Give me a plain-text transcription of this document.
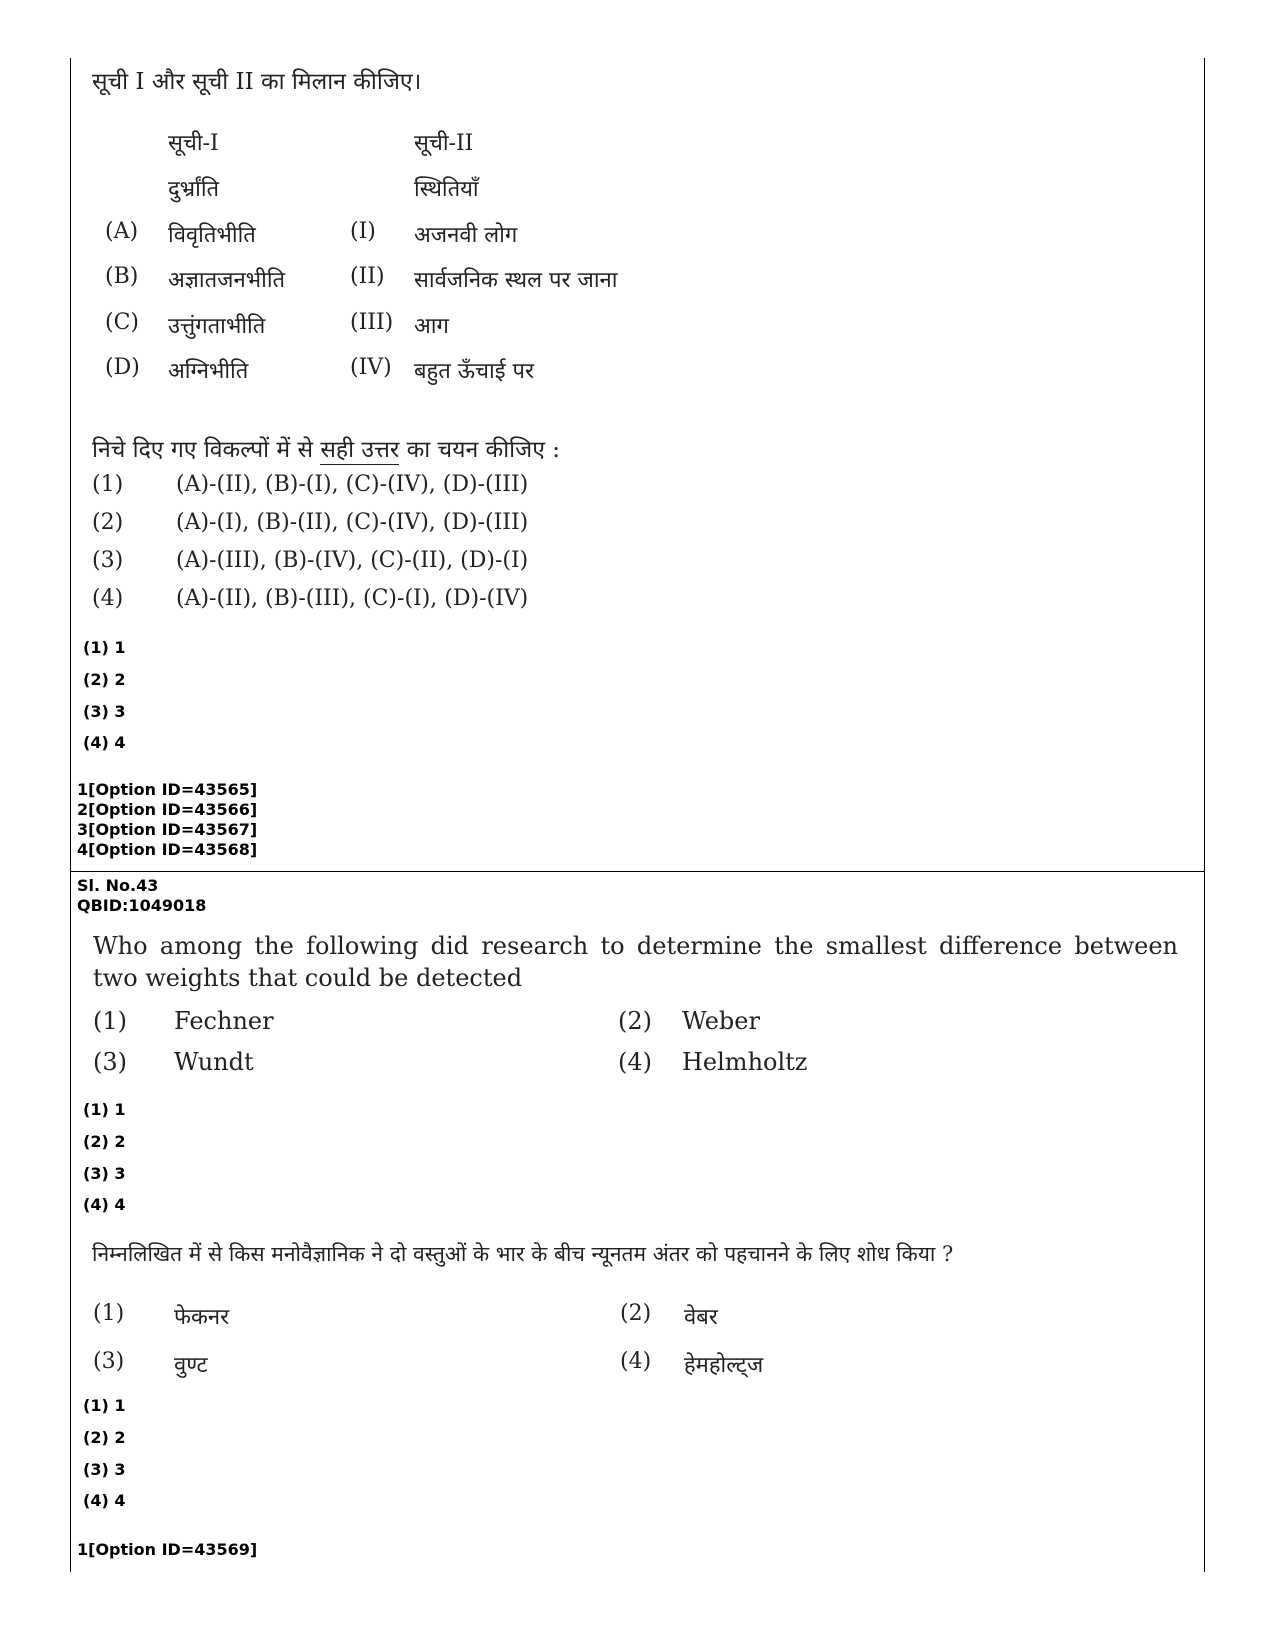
सूची I और सूची II का मिलान कीजिए।
सूची-I	सूची-II
दुर्भ्रांति	स्थितियाँ
(A) विवृतिभीति	(I) अजनवी लोग
(B) अज्ञातजनभीति	(II) सार्वजनिक स्थल पर जाना
(C) उत्तुंगताभीति	(III) आग
(D) अग्निभीति	(IV) बहुत ऊँचाई पर
निचे दिए गए विकल्पों में से सही उत्तर का चयन कीजिए :
(1) (A)-(II), (B)-(I), (C)-(IV), (D)-(III)
(2) (A)-(I), (B)-(II), (C)-(IV), (D)-(III)
(3) (A)-(III), (B)-(IV), (C)-(II), (D)-(I)
(4) (A)-(II), (B)-(III), (C)-(I), (D)-(IV)
(1) 1
(2) 2
(3) 3
(4) 4
1[Option ID=43565]
2[Option ID=43566]
3[Option ID=43567]
4[Option ID=43568]
Sl. No.43
QBID:1049018
Who among the following did research to determine the smallest difference between two weights that could be detected
(1) Fechner	(2) Weber
(3) Wundt	(4) Helmholtz
(1) 1
(2) 2
(3) 3
(4) 4
निम्नलिखित में से किस मनोवैज्ञानिक ने दो वस्तुओं के भार के बीच न्यूनतम अंतर को पहचानने के लिए शोध किया ?
(1) फेकनर	(2) वेबर
(3) वुण्ट	(4) हेमहोल्ट्ज
(1) 1
(2) 2
(3) 3
(4) 4
1[Option ID=43569]
